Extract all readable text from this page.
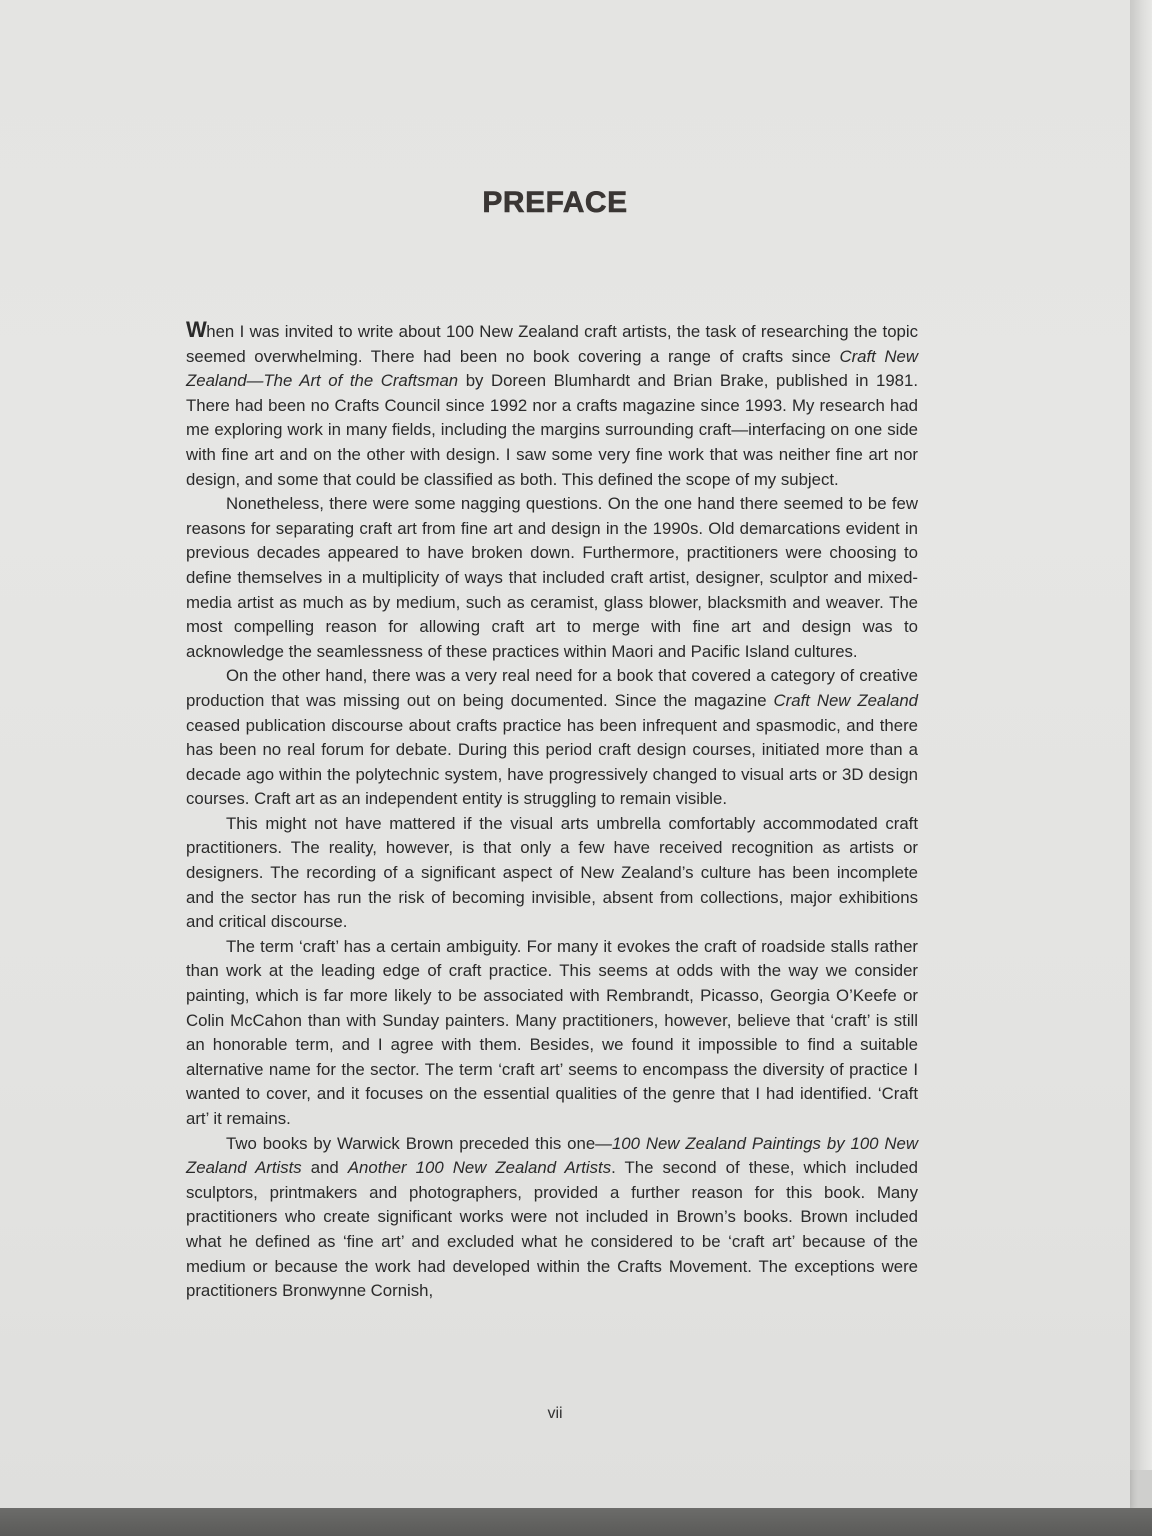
PREFACE

When I was invited to write about 100 New Zealand craft artists, the task of researching the topic seemed overwhelming. There had been no book covering a range of crafts since Craft New Zealand—The Art of the Craftsman by Doreen Blumhardt and Brian Brake, published in 1981. There had been no Crafts Council since 1992 nor a crafts magazine since 1993. My research had me exploring work in many fields, including the margins surrounding craft—interfacing on one side with fine art and on the other with design. I saw some very fine work that was neither fine art nor design, and some that could be classified as both. This defined the scope of my subject.

Nonetheless, there were some nagging questions. On the one hand there seemed to be few reasons for separating craft art from fine art and design in the 1990s. Old demarcations evident in previous decades appeared to have broken down. Furthermore, practitioners were choosing to define themselves in a multiplicity of ways that included craft artist, designer, sculptor and mixed-media artist as much as by medium, such as ceramist, glass blower, blacksmith and weaver. The most compelling reason for allowing craft art to merge with fine art and design was to acknowledge the seamlessness of these practices within Maori and Pacific Island cultures.

On the other hand, there was a very real need for a book that covered a category of creative production that was missing out on being documented. Since the magazine Craft New Zealand ceased publication discourse about crafts practice has been infrequent and spasmodic, and there has been no real forum for debate. During this period craft design courses, initiated more than a decade ago within the polytechnic system, have progressively changed to visual arts or 3D design courses. Craft art as an independent entity is struggling to remain visible.

This might not have mattered if the visual arts umbrella comfortably accommodated craft practitioners. The reality, however, is that only a few have received recognition as artists or designers. The recording of a significant aspect of New Zealand’s culture has been incomplete and the sector has run the risk of becoming invisible, absent from collections, major exhibitions and critical discourse.

The term ‘craft’ has a certain ambiguity. For many it evokes the craft of roadside stalls rather than work at the leading edge of craft practice. This seems at odds with the way we consider painting, which is far more likely to be associated with Rembrandt, Picasso, Georgia O’Keefe or Colin McCahon than with Sunday painters. Many practitioners, however, believe that ‘craft’ is still an honorable term, and I agree with them. Besides, we found it impossible to find a suitable alternative name for the sector. The term ‘craft art’ seems to encompass the diversity of practice I wanted to cover, and it focuses on the essential qualities of the genre that I had identified. ‘Craft art’ it remains.

Two books by Warwick Brown preceded this one—100 New Zealand Paintings by 100 New Zealand Artists and Another 100 New Zealand Artists. The second of these, which included sculptors, printmakers and photographers, provided a further reason for this book. Many practitioners who create significant works were not included in Brown’s books. Brown included what he defined as ‘fine art’ and excluded what he considered to be ‘craft art’ because of the medium or because the work had developed within the Crafts Movement. The exceptions were practitioners Bronwynne Cornish,

vii
